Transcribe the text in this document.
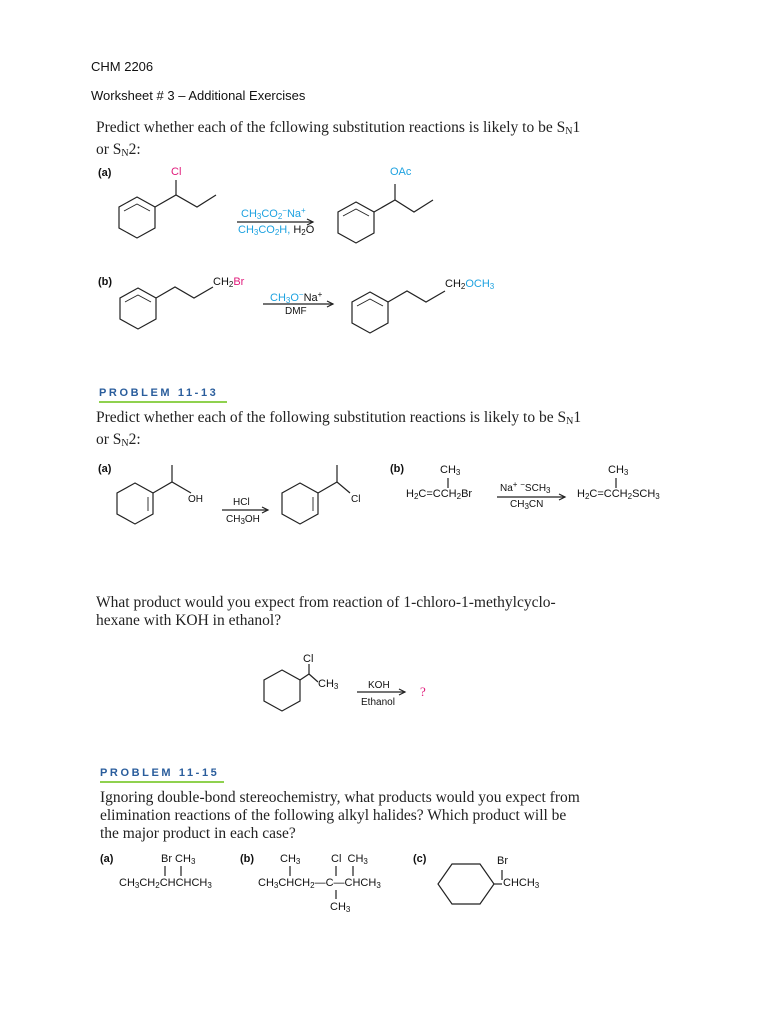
CHM 2206
Worksheet # 3 – Additional Exercises
Predict whether each of the fcllowing substitution reactions is likely to be $S_N1$
or $S_N2$:
(a)	Cl	OAc
$CH_3CO_2^-Na^+$
$CH_3CO_2H$, $H_2O$
(b)	$CH_2Br$
$CH_3O^-Na^+$
DMF
$CH_2OCH_3$
PROBLEM 11-13
Predict whether each of the following substitution reactions is likely to be $S_N1$
or $S_N2$:
(a)
OH	HCl
$CH_3OH$
Cl
(b)	$CH_3$
$H_2C=CCH_2Br$	Na+ $^-SCH_3$
$CH_3CN$
$CH_3$
$H_2C=CCH_2SCH_3$
What product would you expect from reaction of 1-chloro-1-methylcyclo-
hexane with KOH in ethanol?
Cl
$CH_3$	KOH
Ethanol
?
PROBLEM 11-15
Ignoring double-bond stereochemistry, what products would you expect from
elimination reactions of the following alkyl halides? Which product will be
the major product in each case?
(a)	Br $CH_3$
$CH_3CH_2CHCHCH_3$
(b) $CH_3$	Cl  $CH_3$
$CH_3CHCH_2—C—CHCH_3$
$CH_3$
(c)	Br
$CHCH_3$
